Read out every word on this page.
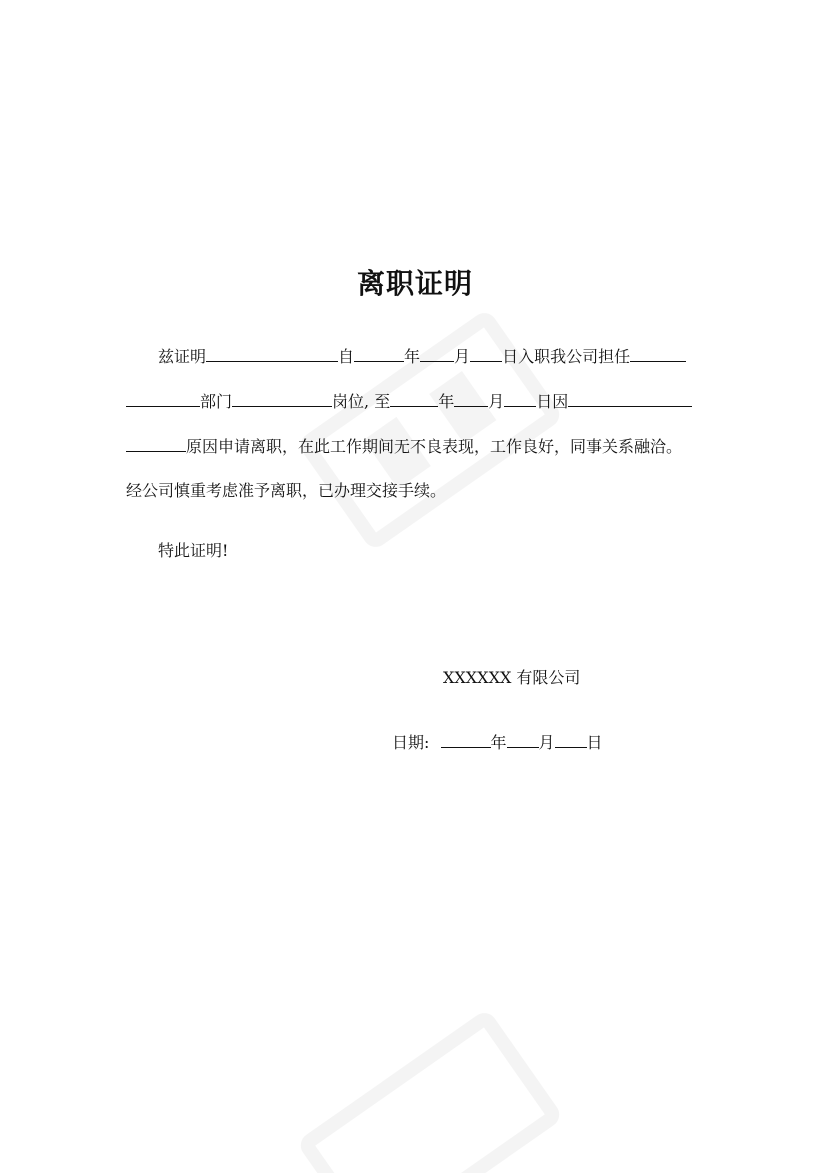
离职证明
兹证明	自	年 月 日入职我公司担任
部门	岗位, 至	年 月 日因
原因申请离职，在此工作期间无不良表现，工作良好，同事关系融洽。
经公司慎重考虑准予离职，已办理交接手续。
特此证明!
XXXXXX 有限公司
日期:	年 月 日
